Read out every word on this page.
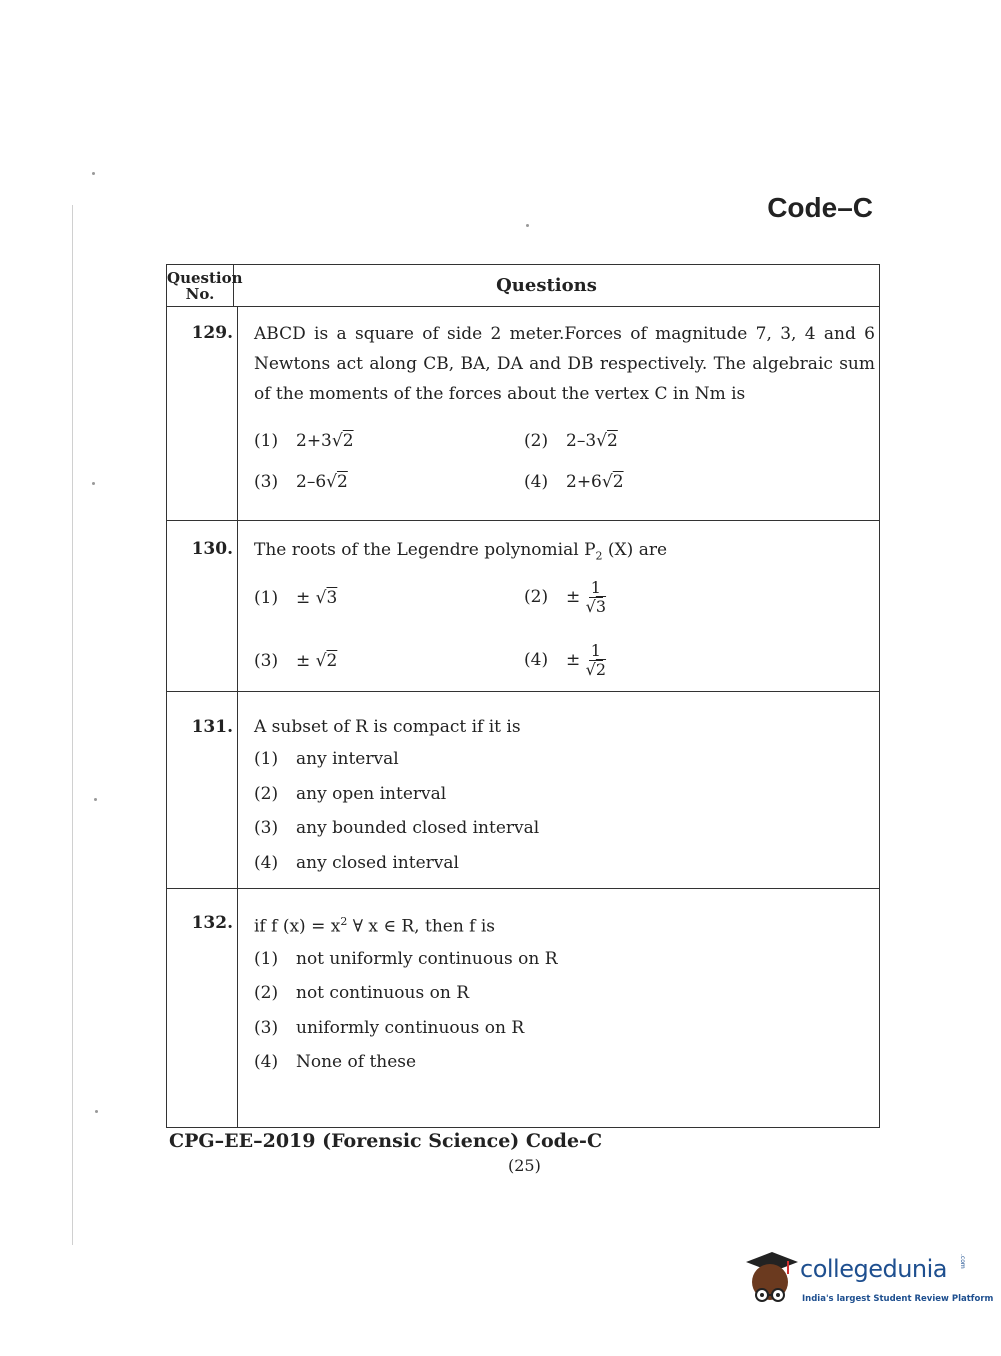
Code–C
Question
No.	Questions
129.	ABCD is a square of side 2 meter.Forces of magnitude 7, 3, 4 and 6 Newtons act along CB, BA, DA and DB respectively. The algebraic sum of the moments of the forces about the vertex C in Nm is
(1) 2+3√2	(2) 2–3√2
(3) 2–6√2	(4) 2+6√2
130.	The roots of the Legendre polynomial $P_2$ (X) are
(1) ± √3	$(2) \pm \frac{1}{√3}$
(3) ± √2	$(4) \pm \frac{1}{√2}$
131.	A subset of R is compact if it is
(1) any interval
(2) any open interval
(3) any bounded closed interval
(4) any closed interval
132.	if f $(x) = x^2$ ∀ x ∈ R, then f is
(1) not uniformly continuous on R
(2) not continuous on R
(3) uniformly continuous on R
(4) None of these
CPG–EE–2019 (Forensic Science) Code-C
(25)
collegedunia .com
India's largest Student Review Platform
